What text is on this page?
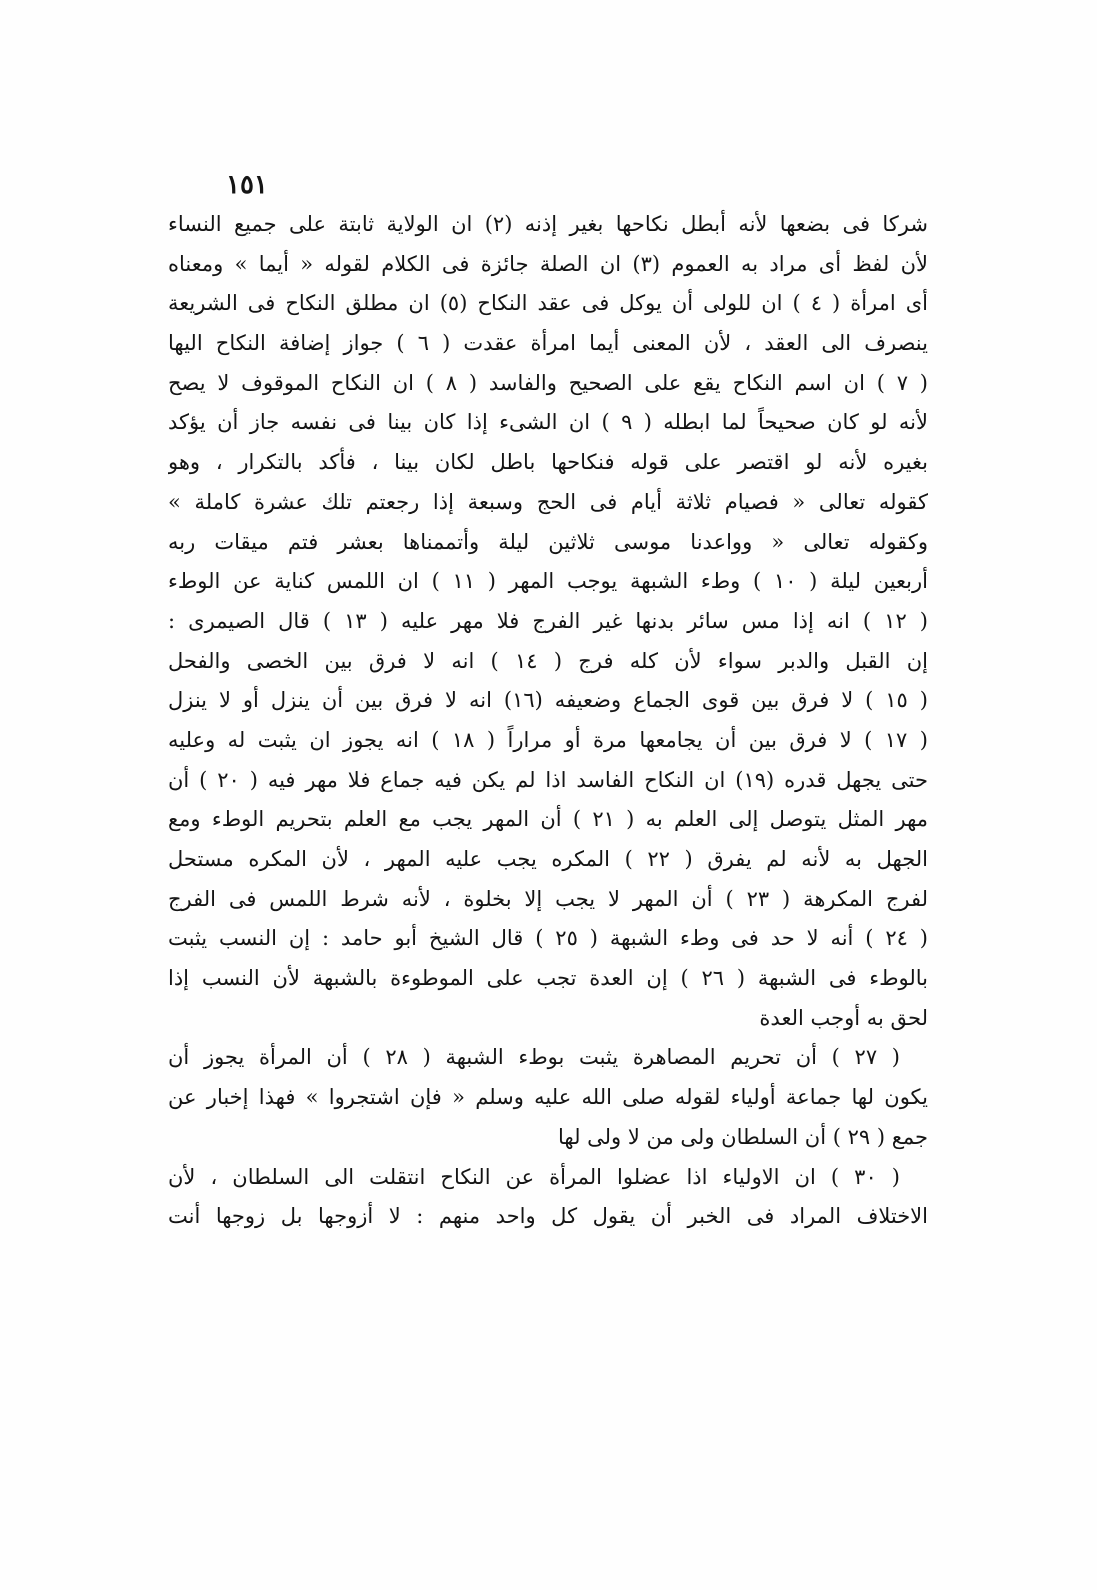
١٥١
شركا فى بضعها لأنه أبطل نكاحها بغير إذنه (٢) ان الولاية ثابتة على جميع النساء
لأن لفظ أى مراد به العموم (٣) ان الصلة جائزة فى الكلام لقوله « أيما » ومعناه
أى امرأة ( ٤ ) ان للولى أن يوكل فى عقد النكاح (٥) ان مطلق النكاح فى الشريعة
ينصرف الى العقد ، لأن المعنى أيما امرأة عقدت ( ٦ ) جواز إضافة النكاح اليها
( ٧ ) ان اسم النكاح يقع على الصحيح والفاسد ( ٨ ) ان النكاح الموقوف لا يصح
لأنه لو كان صحيحاً لما ابطله ( ٩ ) ان الشىء إذا كان بينا فى نفسه جاز أن يؤكد
بغيره لأنه لو اقتصر على قوله فنكاحها باطل لكان بينا ، فأكد بالتكرار ، وهو
كقوله تعالى « فصيام ثلاثة أيام فى الحج وسبعة إذا رجعتم تلك عشرة كاملة »
وكقوله تعالى « وواعدنا موسى ثلاثين ليلة وأتممناها بعشر فتم ميقات ربه
أربعين ليلة ( ١٠ ) وطء الشبهة يوجب المهر ( ١١ ) ان اللمس كناية عن الوطء
( ١٢ ) انه إذا مس سائر بدنها غير الفرج فلا مهر عليه ( ١٣ ) قال الصيمرى :
إن القبل والدبر سواء لأن كله فرج ( ١٤ ) انه لا فرق بين الخصى والفحل
( ١٥ ) لا فرق بين قوى الجماع وضعيفه (١٦) انه لا فرق بين أن ينزل أو لا ينزل
( ١٧ ) لا فرق بين أن يجامعها مرة أو مراراً ( ١٨ ) انه يجوز ان يثبت له وعليه
حتى يجهل قدره (١٩) ان النكاح الفاسد اذا لم يكن فيه جماع فلا مهر فيه ( ٢٠ ) أن
مهر المثل يتوصل إلى العلم به ( ٢١ ) أن المهر يجب مع العلم بتحريم الوطء ومع
الجهل به لأنه لم يفرق ( ٢٢ ) المكره يجب عليه المهر ، لأن المكره مستحل
لفرج المكرهة ( ٢٣ ) أن المهر لا يجب إلا بخلوة ، لأنه شرط اللمس فى الفرج
( ٢٤ ) أنه لا حد فى وطء الشبهة ( ٢٥ ) قال الشيخ أبو حامد : إن النسب يثبت
بالوطء فى الشبهة ( ٢٦ ) إن العدة تجب على الموطوءة بالشبهة لأن النسب إذا
لحق به أوجب العدة
( ٢٧ ) أن تحريم المصاهرة يثبت بوطء الشبهة ( ٢٨ ) أن المرأة يجوز أن
يكون لها جماعة أولياء لقوله صلى الله عليه وسلم « فإن اشتجروا » فهذا إخبار عن
جمع ( ٢٩ ) أن السلطان ولى من لا ولى لها
( ٣٠ ) ان الاولياء اذا عضلوا المرأة عن النكاح انتقلت الى السلطان ، لأن
الاختلاف المراد فى الخبر أن يقول كل واحد منهم : لا أزوجها بل زوجها أنت
